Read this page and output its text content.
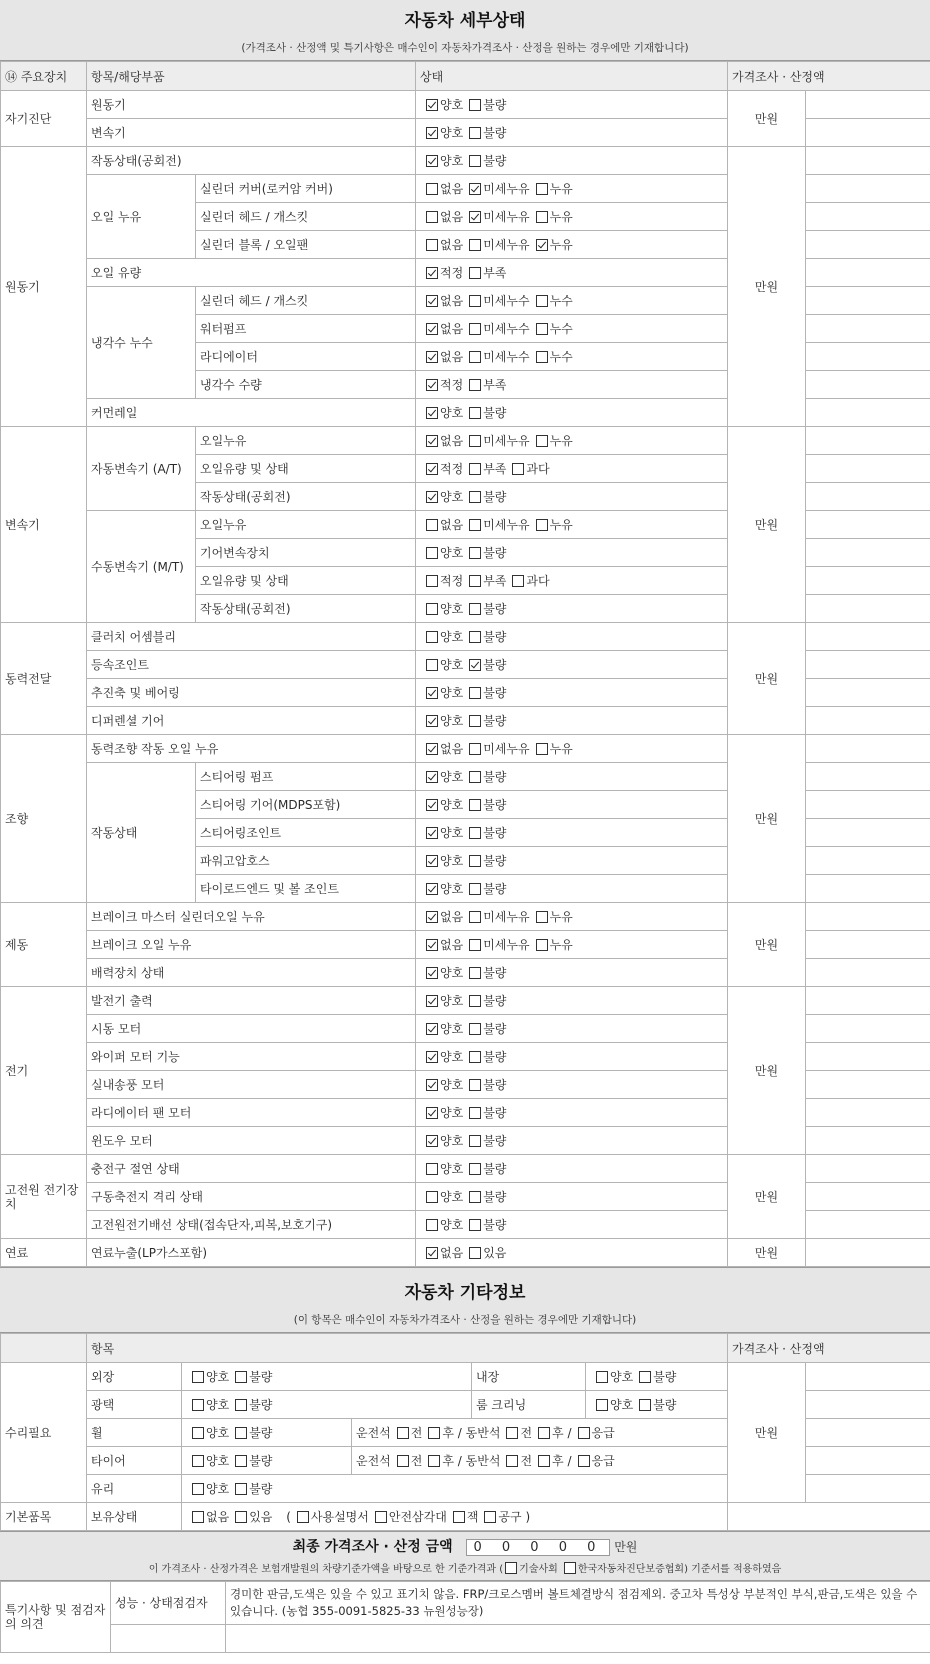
자동차 세부상태
(가격조사 · 산정액 및 특기사항은 매수인이 자동차가격조사 · 산정을 원하는 경우에만 기재합니다)
⑭ 주요장치	항목/해당부품		상태	가격조사 · 산정액	
자기진단	원동기		양호 불량	만원	
	변속기		양호 불량		
원동기	작동상태(공회전)		양호 불량	만원	
	오일 누유	실린더 커버(로커암 커버)	없음 미세누유 누유		
		실린더 헤드 / 개스킷	없음 미세누유 누유		
		실린더 블록 / 오일팬	없음 미세누유 누유		
	오일 유량		적정 부족		
	냉각수 누수	실린더 헤드 / 개스킷	없음 미세누수 누수		
		워터펌프	없음 미세누수 누수		
		라디에이터	없음 미세누수 누수		
		냉각수 수량	적정 부족		
	커먼레일		양호 불량		
변속기	자동변속기 (A/T)	오일누유	없음 미세누유 누유	만원	
		오일유량 및 상태	적정 부족 과다		
		작동상태(공회전)	양호 불량		
	수동변속기 (M/T)	오일누유	없음 미세누유 누유		
		기어변속장치	양호 불량		
		오일유량 및 상태	적정 부족 과다		
		작동상태(공회전)	양호 불량		
동력전달	클러치 어셈블리		양호 불량	만원	
	등속조인트		양호 불량		
	추진축 및 베어링		양호 불량		
	디퍼렌셜 기어		양호 불량		
조향	동력조향 작동 오일 누유		없음 미세누유 누유	만원	
	작동상태	스티어링 펌프	양호 불량		
		스티어링 기어(MDPS포함)	양호 불량		
		스티어링조인트	양호 불량		
		파워고압호스	양호 불량		
		타이로드엔드 및 볼 조인트	양호 불량		
제동	브레이크 마스터 실린더오일 누유		없음 미세누유 누유	만원	
	브레이크 오일 누유		없음 미세누유 누유		
	배력장치 상태		양호 불량		
전기	발전기 출력		양호 불량	만원	
	시동 모터		양호 불량		
	와이퍼 모터 기능		양호 불량		
	실내송풍 모터		양호 불량		
	라디에이터 팬 모터		양호 불량		
	윈도우 모터		양호 불량		
고전원 전기장치	충전구 절연 상태		양호 불량	만원	
	구동축전지 격리 상태		양호 불량		
	고전원전기배선 상태(접속단자,피복,보호기구)		양호 불량		
연료	연료누출(LP가스포함)		없음 있음	만원	
자동차 기타정보
(이 항목은 매수인이 자동차가격조사 · 산정을 원하는 경우에만 기재합니다)
	항목					가격조사 · 산정액	
수리필요	외장	양호 불량		내장	양호 불량	만원	
	광택	양호 불량		룸 크리닝	양호 불량		
	휠	양호 불량	운전석 전 후 / 동반석 전 후 / 응급				
	타이어	양호 불량	운전석 전 후 / 동반석 전 후 / 응급				
	유리	양호 불량					
기본품목	보유상태	없음 있음 ( 사용설명서 안전삼각대 잭 공구 )					
최종 가격조사 · 산정 금액 0 0 0 0 0 만원
이 가격조사 · 산정가격은 보험개발원의 차량기준가액을 바탕으로 한 기준가격과 ( 기술사회 한국자동차진단보증협회) 기준서를 적용하였음
특기사항 및 점검자의 의견	성능 · 상태점검자	경미한 판금,도색은 있을 수 있고 표기치 않음. FRP/크로스멤버 볼트체결방식 점검제외. 중고차 특성상 부분적인 부식,판금,도색은 있을 수 있습니다. (농협 355-0091-5825-33 뉴원성능장)
